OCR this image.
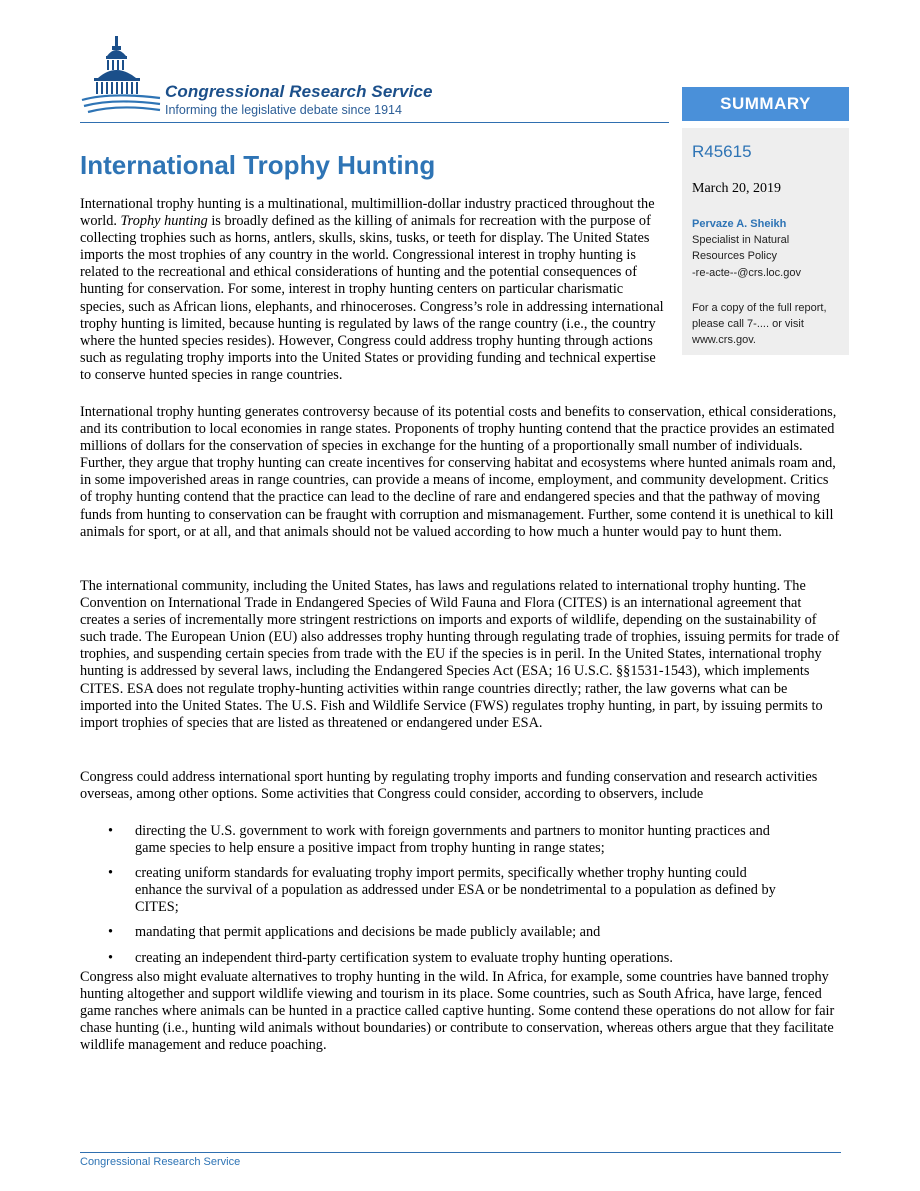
Congressional Research Service
Informing the legislative debate since 1914	SUMMARY
R45615
March 20, 2019
Pervaze A. Sheikh
Specialist in Natural
Resources Policy
-re-acte--@crs.loc.gov
For a copy of the full report,
please call 7-.... or visit
www.crs.gov.
International Trophy Hunting

International trophy hunting is a multinational, multimillion-dollar industry practiced throughout the world. Trophy hunting is broadly defined as the killing of animals for recreation with the purpose of collecting trophies such as horns, antlers, skulls, skins, tusks, or teeth for display. The United States imports the most trophies of any country in the world. Congressional interest in trophy hunting is related to the recreational and ethical considerations of hunting and the potential consequences of hunting for conservation. For some, interest in trophy hunting centers on particular charismatic species, such as African lions, elephants, and rhinoceroses. Congress’s role in addressing international trophy hunting is limited, because hunting is regulated by laws of the range country (i.e., the country where the hunted species resides). However, Congress could address trophy hunting through actions such as regulating trophy imports into the United States or providing funding and technical expertise to conserve hunted species in range countries.

International trophy hunting generates controversy because of its potential costs and benefits to conservation, ethical considerations, and its contribution to local economies in range states. Proponents of trophy hunting contend that the practice provides an estimated millions of dollars for the conservation of species in exchange for the hunting of a proportionally small number of individuals. Further, they argue that trophy hunting can create incentives for conserving habitat and ecosystems where hunted animals roam and, in some impoverished areas in range countries, can provide a means of income, employment, and community development. Critics of trophy hunting contend that the practice can lead to the decline of rare and endangered species and that the pathway of moving funds from hunting to conservation can be fraught with corruption and mismanagement. Further, some contend it is unethical to kill animals for sport, or at all, and that animals should not be valued according to how much a hunter would pay to hunt them.

The international community, including the United States, has laws and regulations related to international trophy hunting. The Convention on International Trade in Endangered Species of Wild Fauna and Flora (CITES) is an international agreement that creates a series of incrementally more stringent restrictions on imports and exports of wildlife, depending on the sustainability of such trade. The European Union (EU) also addresses trophy hunting through regulating trade of trophies, issuing permits for trade of trophies, and suspending certain species from trade with the EU if the species is in peril. In the United States, international trophy hunting is addressed by several laws, including the Endangered Species Act (ESA; 16 U.S.C. §§1531-1543), which implements CITES. ESA does not regulate trophy-hunting activities within range countries directly; rather, the law governs what can be imported into the United States. The U.S. Fish and Wildlife Service (FWS) regulates trophy hunting, in part, by issuing permits to import trophies of species that are listed as threatened or endangered under ESA.

Congress could address international sport hunting by regulating trophy imports and funding conservation and research activities overseas, among other options. Some activities that Congress could consider, according to observers, include

• directing the U.S. government to work with foreign governments and partners to monitor hunting practices and game species to help ensure a positive impact from trophy hunting in range states;
• creating uniform standards for evaluating trophy import permits, specifically whether trophy hunting could enhance the survival of a population as addressed under ESA or be nondetrimental to a population as defined by CITES;
• mandating that permit applications and decisions be made publicly available; and
• creating an independent third-party certification system to evaluate trophy hunting operations.

Congress also might evaluate alternatives to trophy hunting in the wild. In Africa, for example, some countries have banned trophy hunting altogether and support wildlife viewing and tourism in its place. Some countries, such as South Africa, have large, fenced game ranches where animals can be hunted in a practice called captive hunting. Some contend these operations do not allow for fair chase hunting (i.e., hunting wild animals without boundaries) or contribute to conservation, whereas others argue that they facilitate wildlife management and reduce poaching.

Congressional Research Service
